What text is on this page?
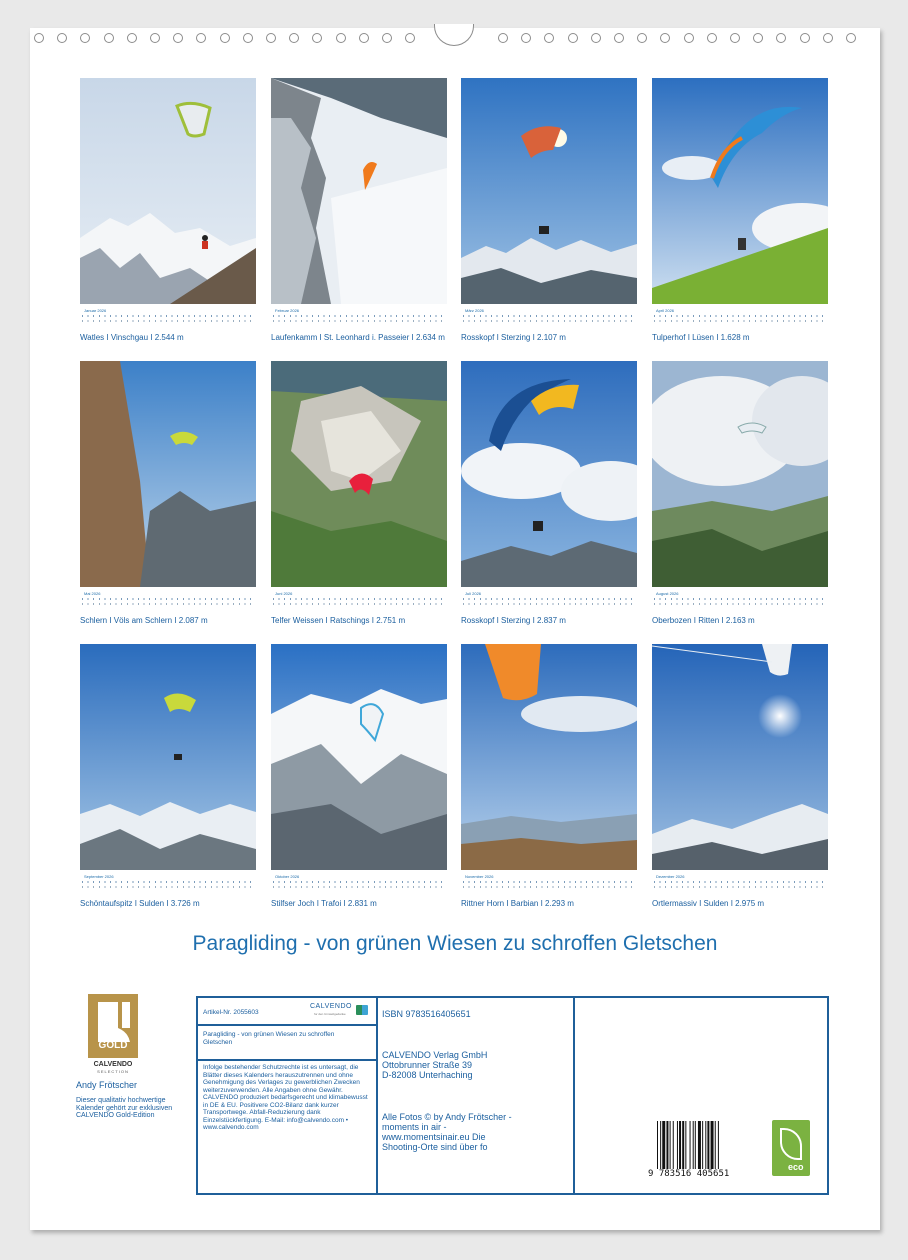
Januar 2026
Watles I Vinschgau I 2.544 m
Februar 2026
Laufenkamm I St. Leonhard i. Passeier I 2.634 m
März 2026
Rosskopf I Sterzing I 2.107 m
April 2026
Tulperhof I Lüsen I 1.628 m
Mai 2026
Schlern I Völs am Schlern I 2.087 m
Juni 2026
Telfer Weissen I Ratschings I 2.751 m
Juli 2026
Rosskopf I Sterzing I 2.837 m
August 2026
Oberbozen I Ritten I 2.163 m
September 2026
Schöntaufspitz I Sulden I 3.726 m
Oktober 2026
Stilfser Joch I Trafoi I 2.831 m
November 2026
Rittner Horn I Barbian I 2.293 m
Dezember 2026
Ortlermassiv I Sulden I 2.975 m
Paragliding - von grünen Wiesen zu schroffen Gletschen
GOLD
CALVENDO
SELECTION
Andy Frötscher
Dieser qualitativ hochwertige Kalender gehört zur exklusiven CALVENDO Gold-Edition
Artikel-Nr. 2055603
CALVENDO
for den Umweltgedanke
Paragliding - von grünen Wiesen zu schroffen Gletschen
Infolge bestehender Schutzrechte ist es untersagt, die Blätter dieses Kalenders herauszutrennen und ohne Genehmigung des Verlages zu gewerblichen Zwecken weiterzuverwenden. Alle Angaben ohne Gewähr. CALVENDO produziert bedarfsgerecht und klimabewusst in DE & EU. Positivere CO2-Bilanz dank kurzer Transportwege. Abfall-Reduzierung dank Einzelstückfertigung. E-Mail: info@calvendo.com • www.calvendo.com
ISBN 9783516405651
CALVENDO Verlag GmbH
Ottobrunner Straße 39
D-82008 Unterhaching
Alle Fotos © by Andy Frötscher - moments in air - www.momentsinair.eu Die Shooting-Orte sind über fo
9 783516 405651
eco
